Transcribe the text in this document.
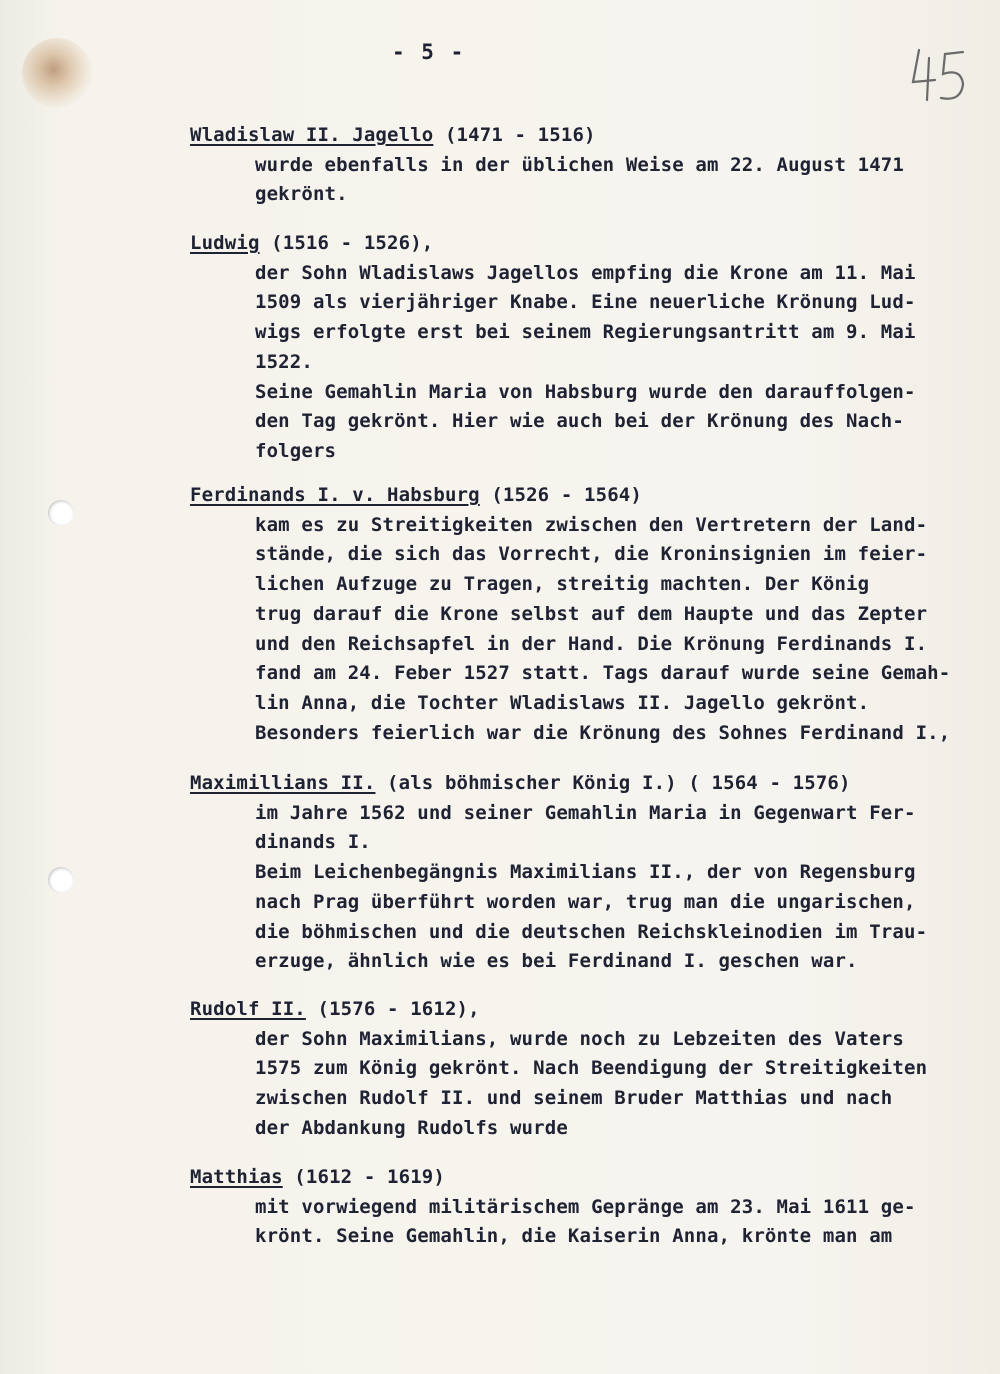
- 5 -
Wladislaw II. Jagello (1471 - 1516)
wurde ebenfalls in der üblichen Weise am 22. August 1471
gekrönt.
Ludwig (1516 - 1526),
der Sohn Wladislaws Jagellos empfing die Krone am 11. Mai
1509 als vierjähriger Knabe. Eine neuerliche Krönung Lud-
wigs erfolgte erst bei seinem Regierungsantritt am 9. Mai
1522.
Seine Gemahlin Maria von Habsburg wurde den darauffolgen-
den Tag gekrönt. Hier wie auch bei der Krönung des Nach-
folgers
Ferdinands I. v. Habsburg (1526 - 1564)
kam es zu Streitigkeiten zwischen den Vertretern der Land-
stände, die sich das Vorrecht, die Kroninsignien im feier-
lichen Aufzuge zu Tragen, streitig machten. Der König
trug darauf die Krone selbst auf dem Haupte und das Zepter
und den Reichsapfel in der Hand. Die Krönung Ferdinands I.
fand am 24. Feber 1527 statt. Tags darauf wurde seine Gemah-
lin Anna, die Tochter Wladislaws II. Jagello gekrönt.
Besonders feierlich war die Krönung des Sohnes Ferdinand I.,
Maximillians II. (als böhmischer König I.) ( 1564 - 1576)
im Jahre 1562 und seiner Gemahlin Maria in Gegenwart Fer-
dinands I.
Beim Leichenbegängnis Maximilians II., der von Regensburg
nach Prag überführt worden war, trug man die ungarischen,
die böhmischen und die deutschen Reichskleinodien im Trau-
erzuge, ähnlich wie es bei Ferdinand I. geschen war.
Rudolf II. (1576 - 1612),
der Sohn Maximilians, wurde noch zu Lebzeiten des Vaters
1575 zum König gekrönt. Nach Beendigung der Streitigkeiten
zwischen Rudolf II. und seinem Bruder Matthias und nach
der Abdankung Rudolfs wurde
Matthias (1612 - 1619)
mit vorwiegend militärischem Gepränge am 23. Mai 1611 ge-
krönt. Seine Gemahlin, die Kaiserin Anna, krönte man am
